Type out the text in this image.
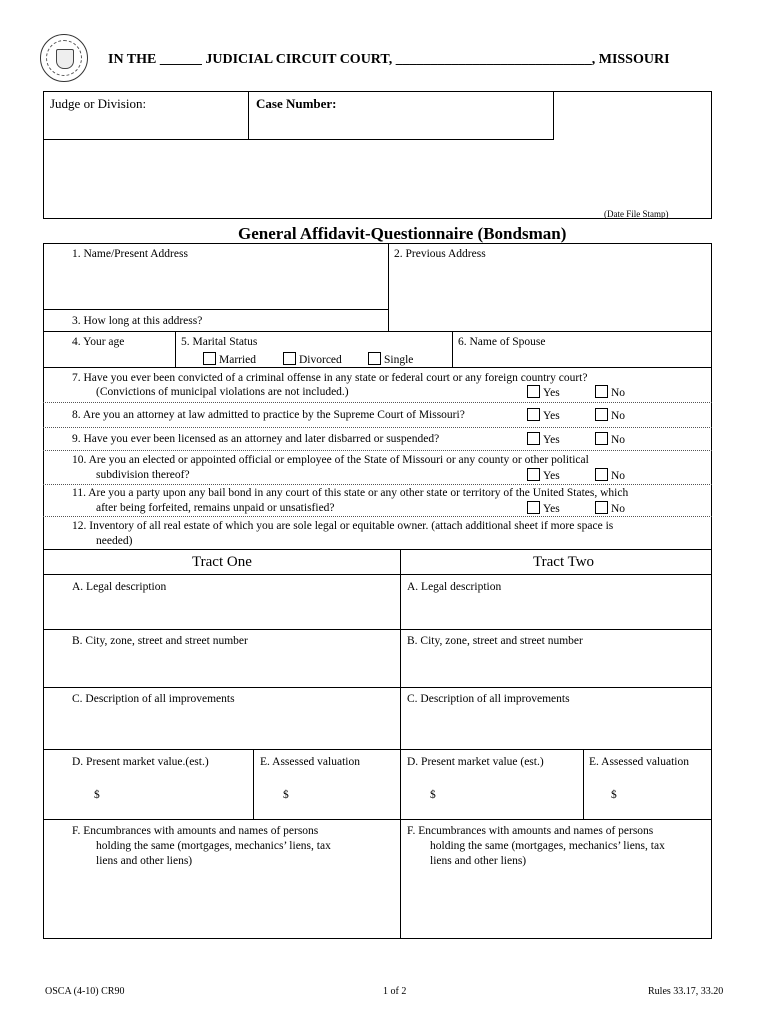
IN THE ______ JUDICIAL CIRCUIT COURT, ____________________________, MISSOURI
Judge or Division:	Case Number:
(Date File Stamp)
General Affidavit-Questionnaire (Bondsman)
1. Name/Present Address	2. Previous Address
3. How long at this address?
4. Your age	5. Marital Status	6. Name of Spouse
Married	Divorced	Single
7. Have you ever been convicted of a criminal offense in any state or federal court or any foreign country court?
(Convictions of municipal violations are not included.)	Yes	No
8. Are you an attorney at law admitted to practice by the Supreme Court of Missouri?	Yes	No
9. Have you ever been licensed as an attorney and later disbarred or suspended?	Yes	No
10. Are you an elected or appointed official or employee of the State of Missouri or any county or other political
subdivision thereof?	Yes	No
11. Are you a party upon any bail bond in any court of this state or any other state or territory of the United States, which
after being forfeited, remains unpaid or unsatisfied?	Yes	No
12. Inventory of all real estate of which you are sole legal or equitable owner. (attach additional sheet if more space is
needed)
Tract One	Tract Two
A. Legal description	A. Legal description
B. City, zone, street and street number	B. City, zone, street and street number
C. Description of all improvements	C. Description of all improvements
D. Present market value.(est.)	E. Assessed valuation	D. Present market value (est.)	E. Assessed valuation
$	$	$	$
F. Encumbrances with amounts and names of persons
holding the same (mortgages, mechanics’ liens, tax
liens and other liens)
F. Encumbrances with amounts and names of persons
holding the same (mortgages, mechanics’ liens, tax
liens and other liens)
OSCA (4-10) CR90	1 of 2	Rules 33.17, 33.20
